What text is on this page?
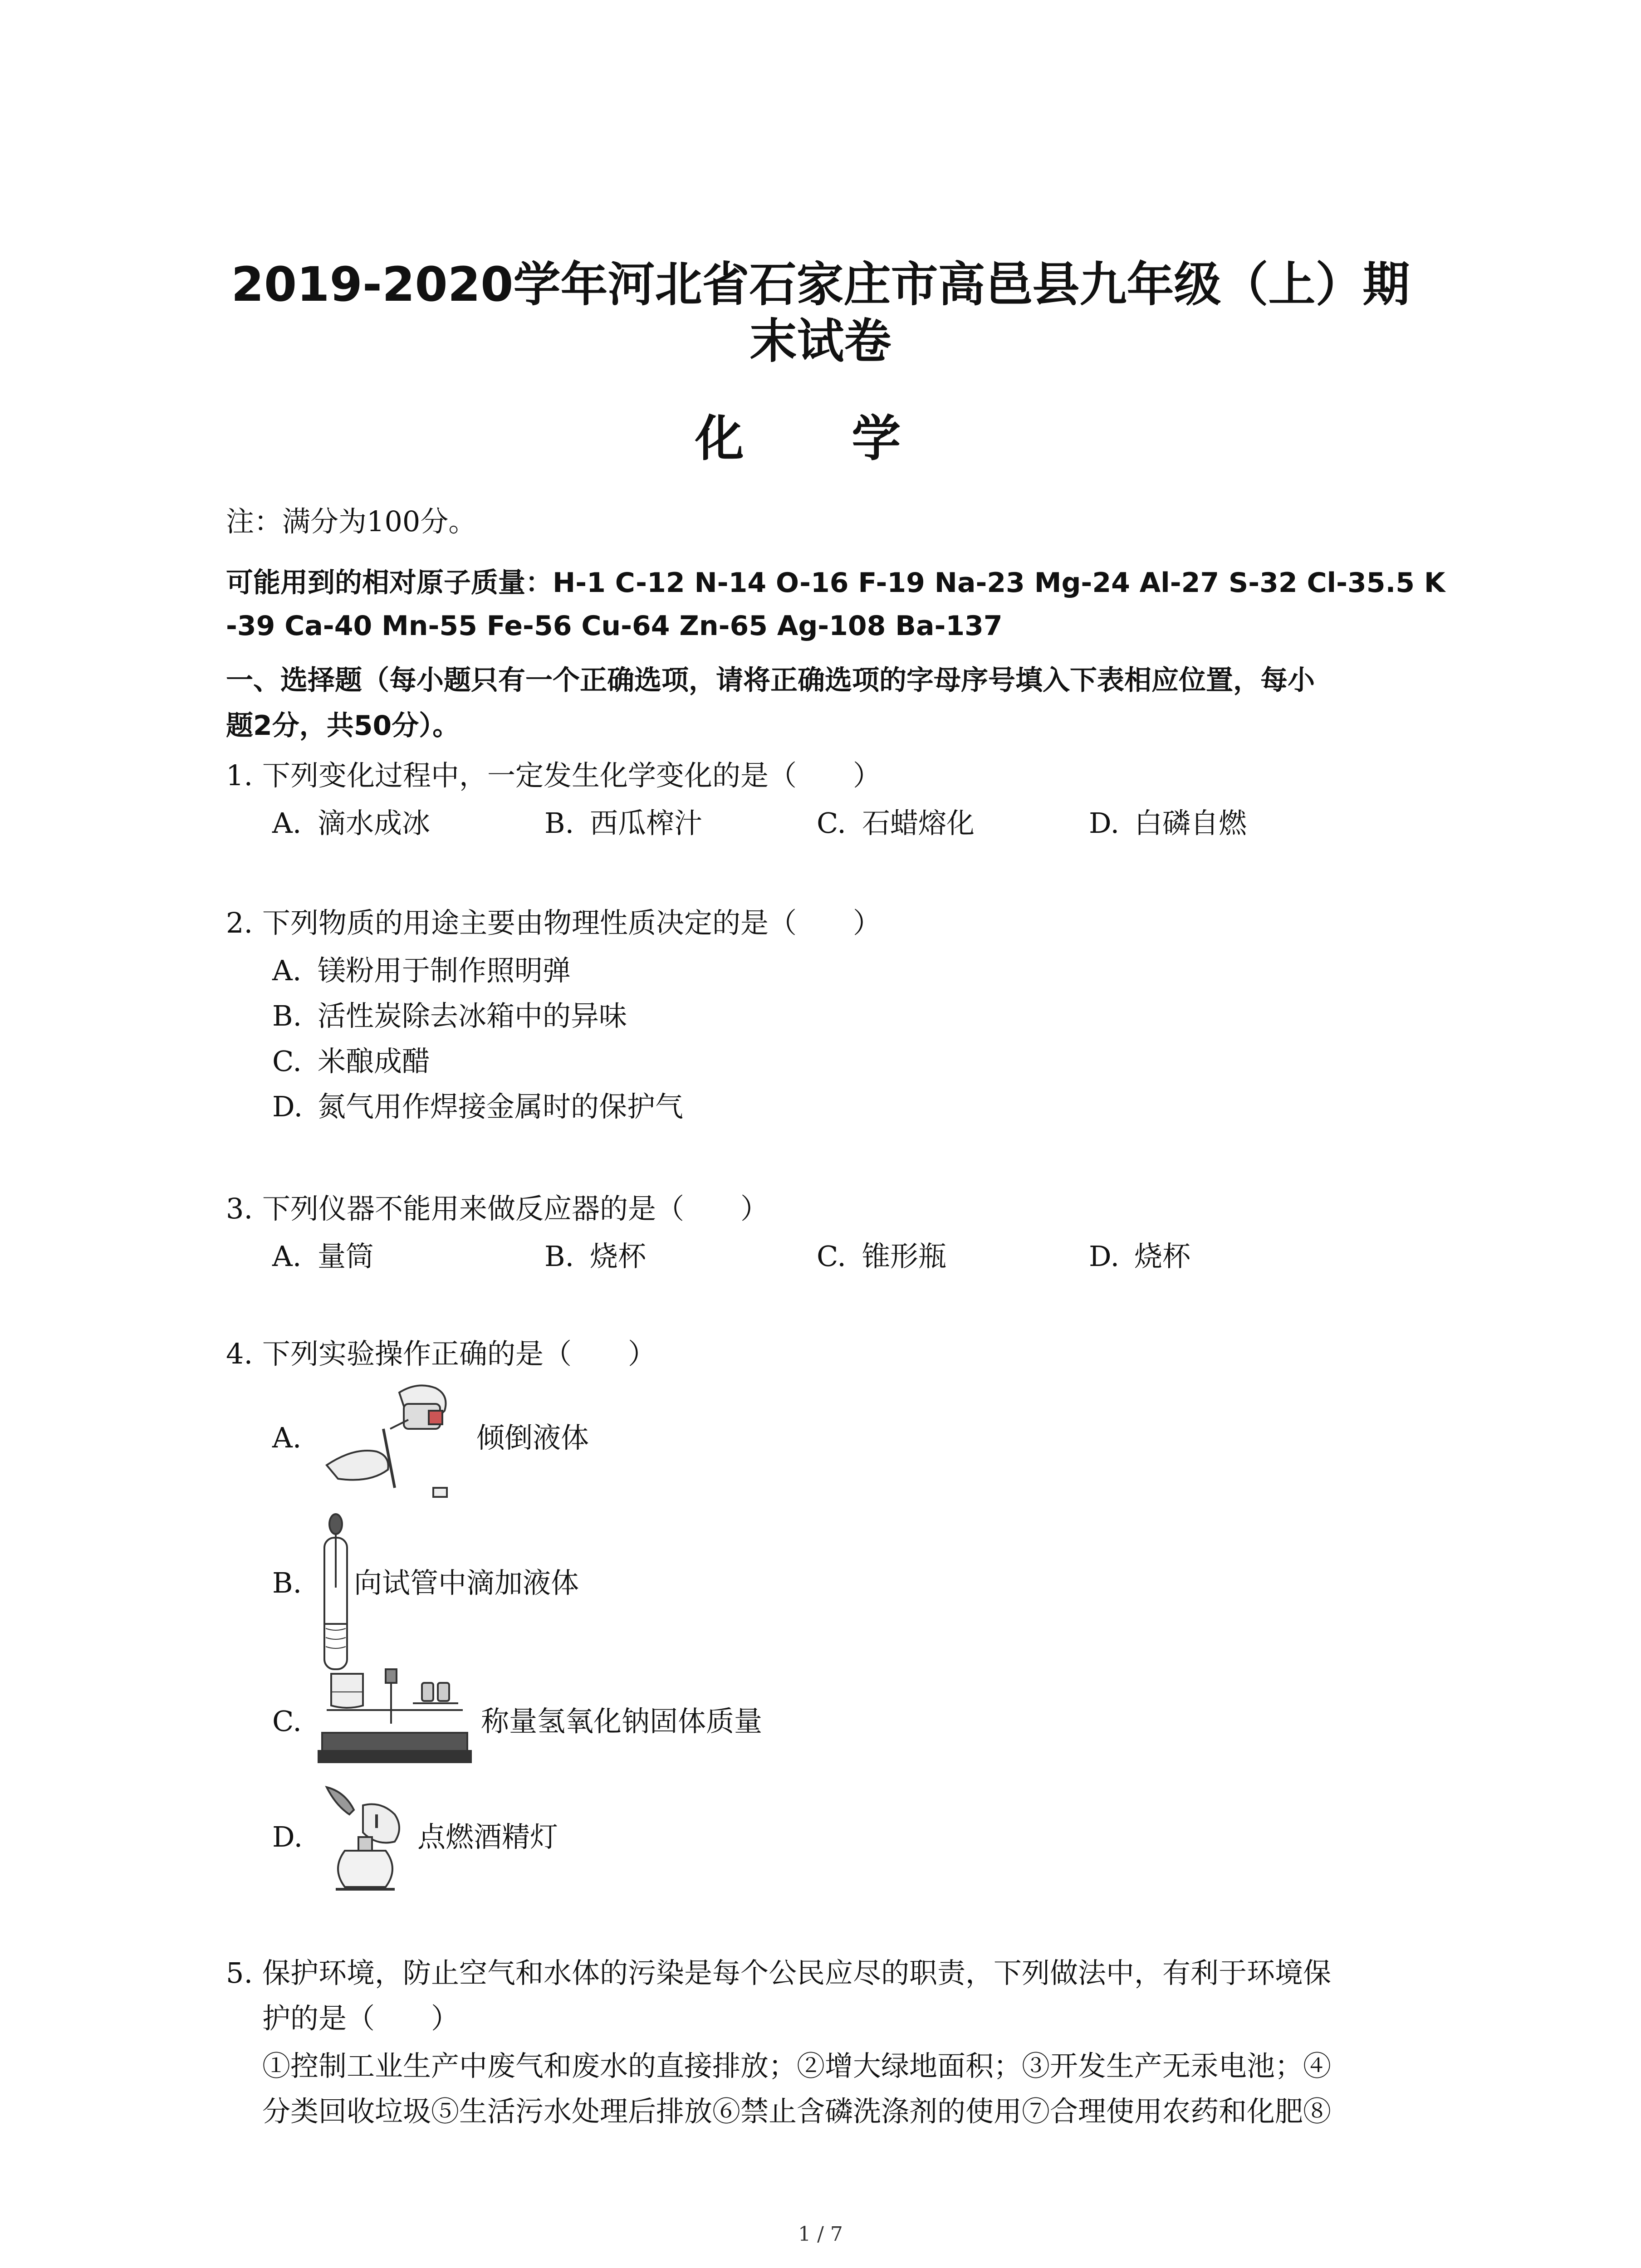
2019-2020学年河北省石家庄市高邑县九年级（上）期
末试卷
化 学
注：满分为100分。
可能用到的相对原子质量：H-1 C-12 N-14 O-16 F-19 Na-23 Mg-24 Al-27 S-32 Cl-35.5 K
-39 Ca-40 Mn-55 Fe-56 Cu-64 Zn-65 Ag-108 Ba-137
一、选择题（每小题只有一个正确选项，请将正确选项的字母序号填入下表相应位置，每小
题2分，共50分）。
1. 下列变化过程中，一定发生化学变化的是（　　）
A. 滴水成冰	B. 西瓜榨汁	C. 石蜡熔化	D. 白磷自燃
2. 下列物质的用途主要由物理性质决定的是（　　）
A. 镁粉用于制作照明弹
B. 活性炭除去冰箱中的异味
C. 米酿成醋
D. 氮气用作焊接金属时的保护气
3. 下列仪器不能用来做反应器的是（　　）
A. 量筒	B. 烧杯	C. 锥形瓶	D. 烧杯
4. 下列实验操作正确的是（　　）
A.	倾倒液体
B. 向试管中滴加液体
C.	称量氢氧化钠固体质量
D.	点燃酒精灯
5. 保护环境，防止空气和水体的污染是每个公民应尽的职责，下列做法中，有利于环境保
护的是（　　）
①控制工业生产中废气和废水的直接排放；②增大绿地面积；③开发生产无汞电池；④
分类回收垃圾⑤生活污水处理后排放⑥禁止含磷洗涤剂的使用⑦合理使用农药和化肥⑧
1 / 7
